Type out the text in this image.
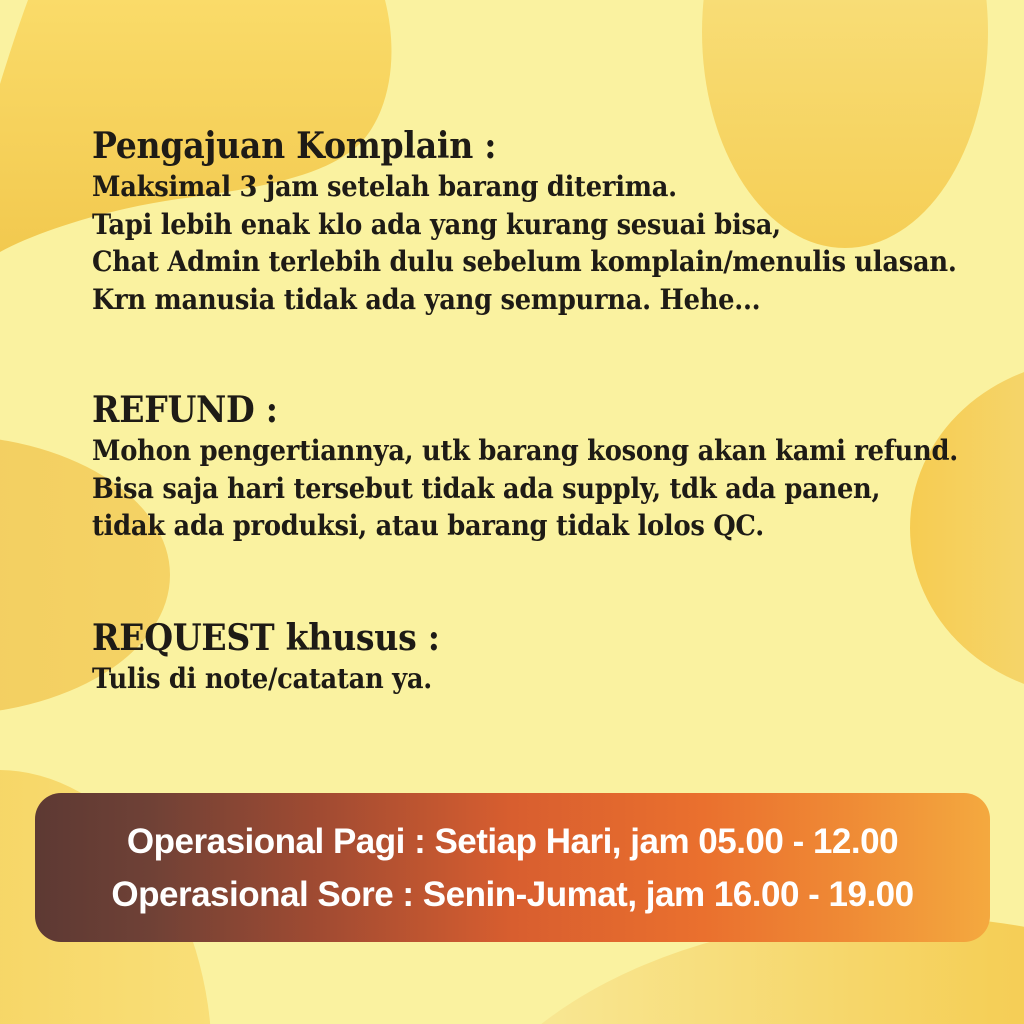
Pengajuan Komplain :
Maksimal 3 jam setelah barang diterima.
Tapi lebih enak klo ada yang kurang sesuai bisa,
Chat Admin terlebih dulu sebelum komplain/menulis ulasan.
Krn manusia tidak ada yang sempurna. Hehe...
REFUND :
Mohon pengertiannya, utk barang kosong akan kami refund.
Bisa saja hari tersebut tidak ada supply, tdk ada panen,
tidak ada produksi, atau barang tidak lolos QC.
REQUEST khusus :
Tulis di note/catatan ya.
Operasional Pagi : Setiap Hari, jam 05.00 - 12.00
Operasional Sore : Senin-Jumat, jam 16.00 - 19.00
